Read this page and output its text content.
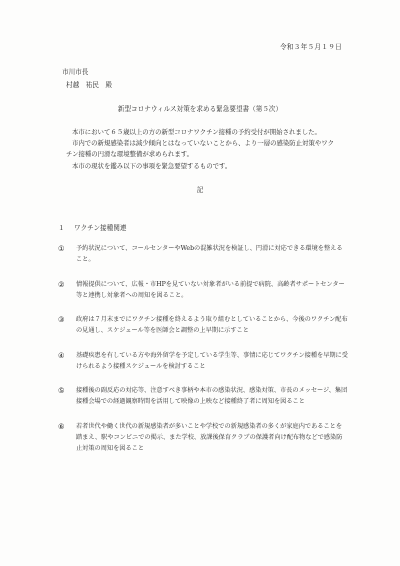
令和３年５月１９日
市川市長
村越　祐民　殿
新型コロナウィルス対策を求める緊急要望書（第５次）

本市において６５歳以上の方の新型コロナワクチン接種の予約受付が開始されました。

市内での新規感染者は減少傾向とはなっていないことから、より一層の感染防止対策やワクチン接種の円滑な環境整備が求められます。

本市の現状を鑑み以下の事項を緊急要望するものです。

記
１ ワクチン接種関連
①	予約状況について、コールセンターやWebの混雑状況を検証し、円滑に対応できる環境を整えること。
②	情報提供について、広報・市HPを見ていない対象者がいる前提で病院、高齢者サポートセンター等と連携し対象者への周知を図ること。
③	政府は７月末までにワクチン接種を終えるよう取り組むとしていることから、今後のワクチン配布の見通し、スケジュール等を医師会と調整の上早期に示すこと
④	基礎疾患を有している方や海外留学を予定している学生等、事情に応じてワクチン接種を早期に受けられるよう接種スケジュールを検討すること
⑤	接種後の副反応の対応等、注意すべき事柄や本市の感染状況、感染対策、市長のメッセージ、集団接種会場での経過観察時間を活用して映像の上映など接種終了者に周知を図ること
⑥	若者世代や働く世代の新規感染者が多いことや学校での新規感染者の多くが家庭内であることを踏まえ、駅やコンビニでの掲示、また学校、放課後保育クラブの保護者向け配布物などで感染防止対策の周知を図ること
